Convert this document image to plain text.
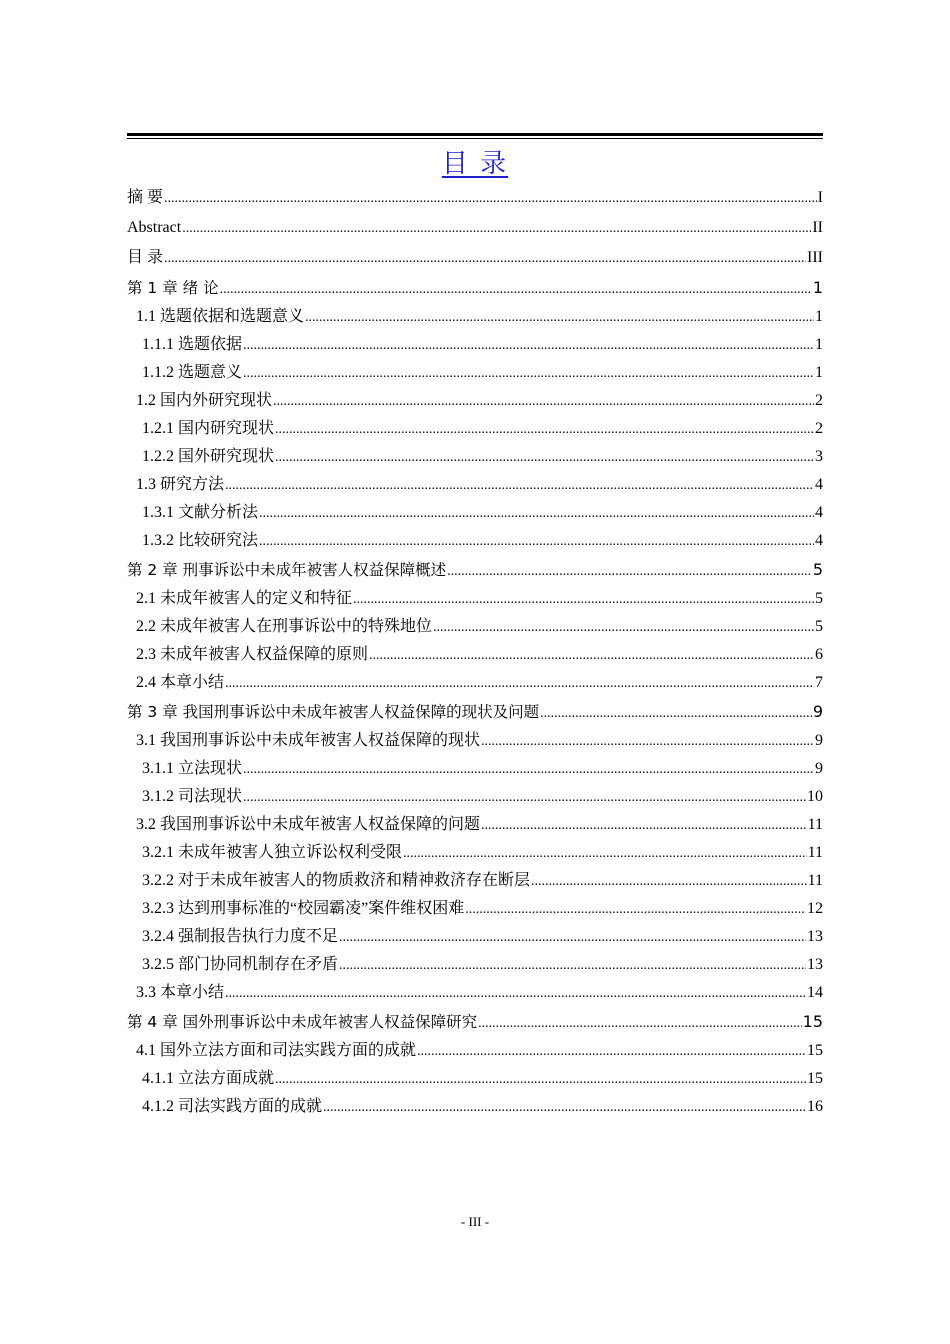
目 录
摘 要 .....	I
Abstract .....	II
目 录 .....	III
第 1 章 绪 论 .....	1
1.1 选题依据和选题意义 .....	1
1.1.1 选题依据 .....	1
1.1.2 选题意义 .....	1
1.2 国内外研究现状 .....	2
1.2.1 国内研究现状 .....	2
1.2.2 国外研究现状 .....	3
1.3 研究方法 .....	4
1.3.1 文献分析法 .....	4
1.3.2 比较研究法 .....	4
第 2 章 刑事诉讼中未成年被害人权益保障概述 .....	5
2.1 未成年被害人的定义和特征 .....	5
2.2 未成年被害人在刑事诉讼中的特殊地位 .....	5
2.3 未成年被害人权益保障的原则 .....	6
2.4 本章小结 .....	7
第 3 章 我国刑事诉讼中未成年被害人权益保障的现状及问题 .....	9
3.1 我国刑事诉讼中未成年被害人权益保障的现状 .....	9
3.1.1 立法现状 .....	9
3.1.2 司法现状 .....	10
3.2 我国刑事诉讼中未成年被害人权益保障的问题 .....	11
3.2.1 未成年被害人独立诉讼权利受限 .....	11
3.2.2 对于未成年被害人的物质救济和精神救济存在断层 .....	11
3.2.3 达到刑事标准的“校园霸凌”案件维权困难 .....	12
3.2.4 强制报告执行力度不足 .....	13
3.2.5 部门协同机制存在矛盾 .....	13
3.3 本章小结 .....	14
第 4 章 国外刑事诉讼中未成年被害人权益保障研究 .....	15
4.1 国外立法方面和司法实践方面的成就 .....	15
4.1.1 立法方面成就 .....	15
4.1.2 司法实践方面的成就 .....	16
- III -
